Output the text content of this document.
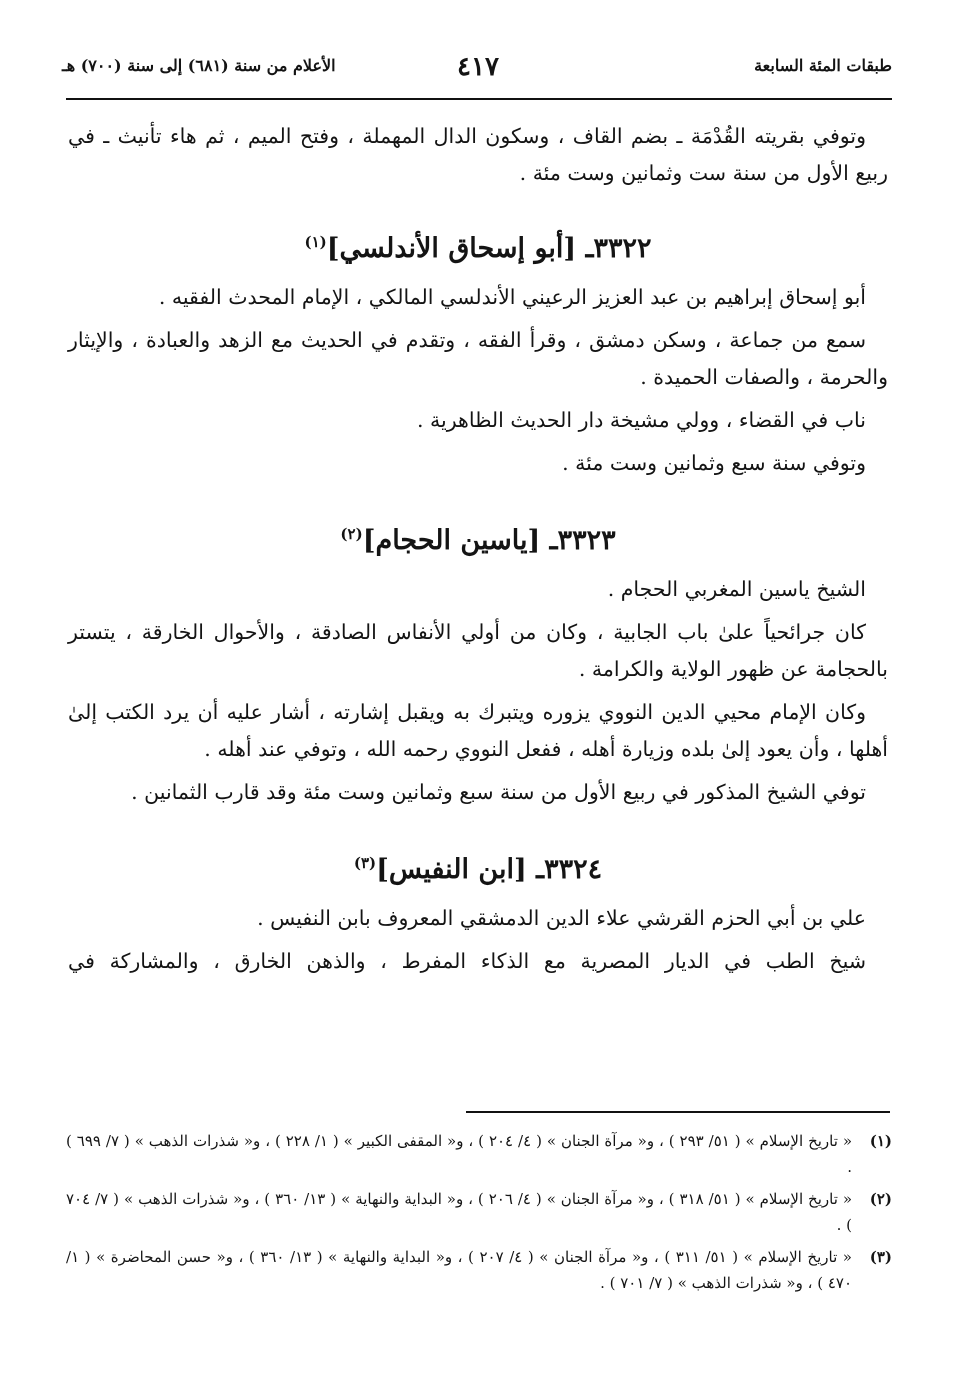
طبقات المئة السابعة
٤١٧
الأعلام من سنة (٦٨١) إلى سنة (٧٠٠) هـ

وتوفي بقريته القُدْمَة ـ بضم القاف ، وسكون الدال المهملة ، وفتح الميم ، ثم هاء تأنيث ـ في ربيع الأول من سنة ست وثمانين وست مئة .

٣٣٢٢ـ [أبو إسحاق الأندلسي]$^{(١)}$

أبو إسحاق إبراهيم بن عبد العزيز الرعيني الأندلسي المالكي ، الإمام المحدث الفقيه .

سمع من جماعة ، وسكن دمشق ، وقرأ الفقه ، وتقدم في الحديث مع الزهد والعبادة ، والإيثار والحرمة ، والصفات الحميدة .

ناب في القضاء ، وولي مشيخة دار الحديث الظاهرية .

وتوفي سنة سبع وثمانين وست مئة .

٣٣٢٣ـ [ياسين الحجام]$^{(٢)}$

الشيخ ياسين المغربي الحجام .

كان جرائحياً علىٰ باب الجابية ، وكان من أولي الأنفاس الصادقة ، والأحوال الخارقة ، يتستر بالحجامة عن ظهور الولاية والكرامة .

وكان الإمام محيي الدين النووي يزوره ويتبرك به ويقبل إشارته ، أشار عليه أن يرد الكتب إلىٰ أهلها ، وأن يعود إلىٰ بلده وزيارة أهله ، ففعل النووي رحمه الله ، وتوفي عند أهله .

توفي الشيخ المذكور في ربيع الأول من سنة سبع وثمانين وست مئة وقد قارب الثمانين .

٣٣٢٤ـ [ابن النفيس]$^{(٣)}$

علي بن أبي الحزم القرشي علاء الدين الدمشقي المعروف بابن النفيس .

شيخ الطب في الديار المصرية مع الذكاء المفرط ، والذهن الخارق ، والمشاركة في

(١)
« تاريخ الإسلام » ( ٥١/ ٢٩٣ ) ، و« مرآة الجنان » ( ٤/ ٢٠٤ ) ، و« المقفى الكبير » ( ١/ ٢٢٨ ) ، و« شذرات الذهب » ( ٧/ ٦٩٩ ) .
(٢)
« تاريخ الإسلام » ( ٥١/ ٣١٨ ) ، و« مرآة الجنان » ( ٤/ ٢٠٦ ) ، و« البداية والنهاية » ( ١٣/ ٣٦٠ ) ، و« شذرات الذهب » ( ٧/ ٧٠٤ ) .
(٣)
« تاريخ الإسلام » ( ٥١/ ٣١١ ) ، و« مرآة الجنان » ( ٤/ ٢٠٧ ) ، و« البداية والنهاية » ( ١٣/ ٣٦٠ ) ، و« حسن المحاضرة » ( ١/ ٤٧٠ ) ، و« شذرات الذهب » ( ٧/ ٧٠١ ) .
